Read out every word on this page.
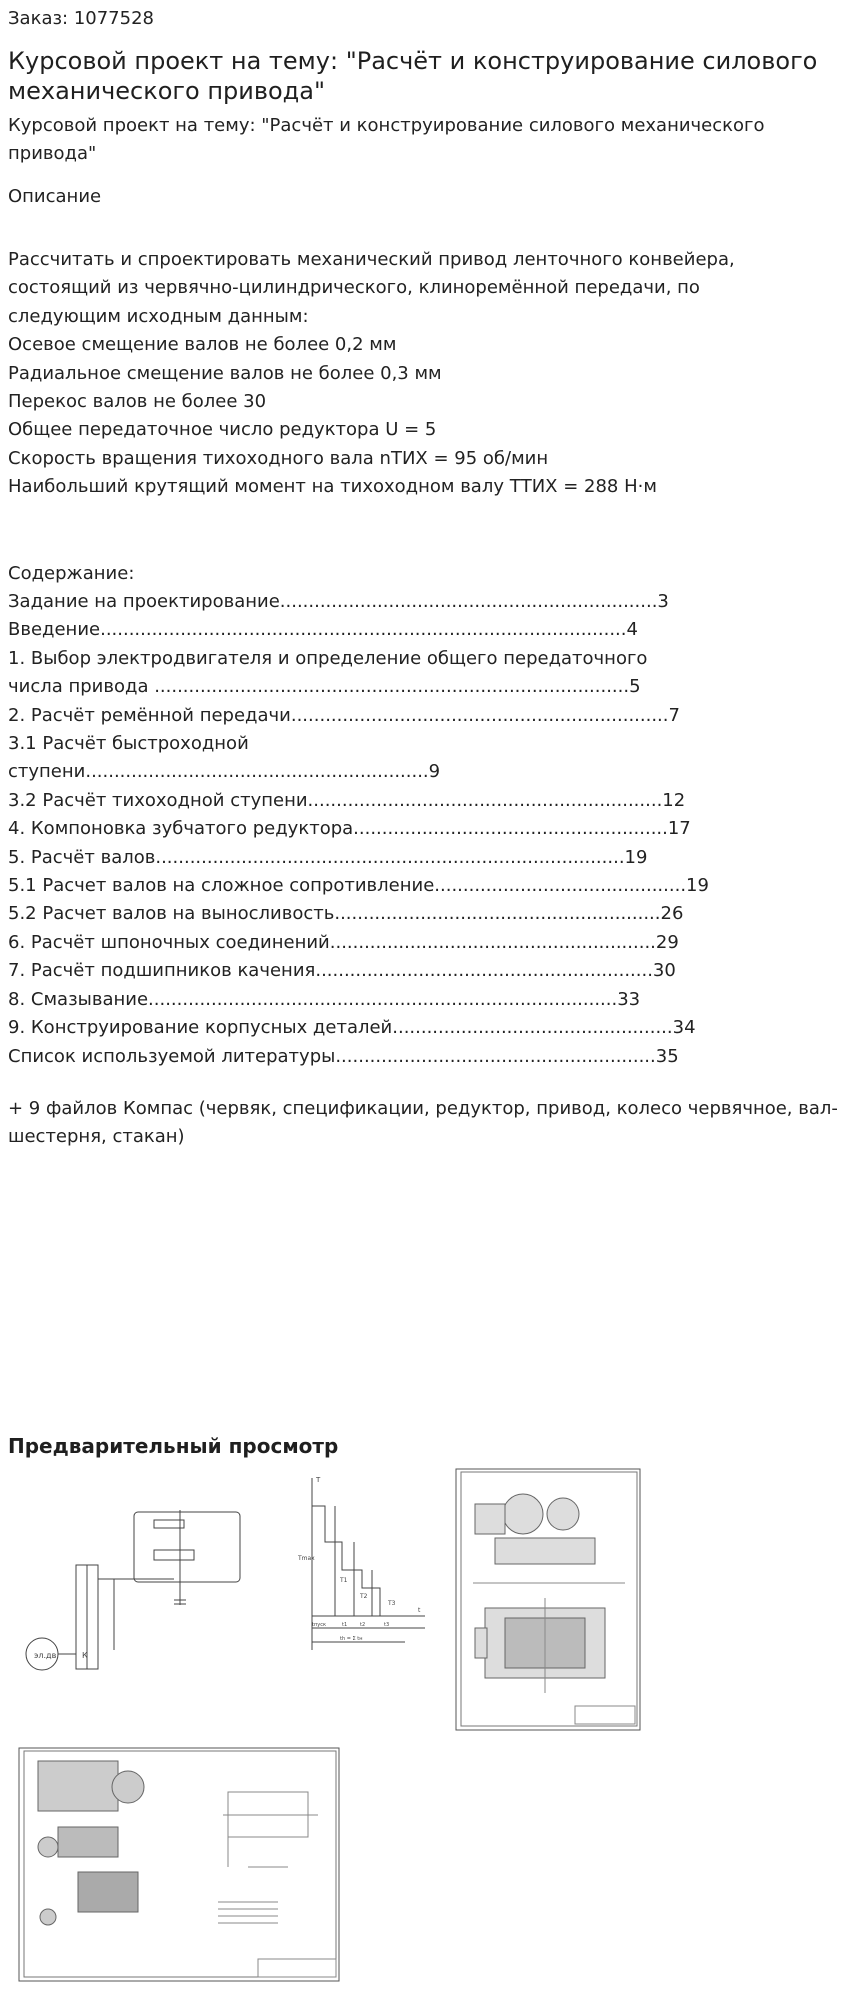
Заказ: 1077528
Курсовой проект на тему: "Расчёт и конструирование силового механического привода"
Курсовой проект на тему: "Расчёт и конструирование силового механического привода"
Описание
Рассчитать и спроектировать механический привод ленточного конвейера,
состоящий из червячно-цилиндрического, клиноремённой передачи, по
следующим исходным данным:
Осевое смещение валов не более 0,2 мм
Радиальное смещение валов не более 0,3 мм
Перекос валов не более 30
Общее передаточное число редуктора U = 5
Скорость вращения тихоходного вала nТИХ = 95 об/мин
Наибольший крутящий момент на тихоходном валу TТИХ = 288 Н·м
Содержание:
Задание на проектирование..................................................................3
Введение............................................................................................4
1. Выбор электродвигателя и определение общего передаточного
числа привода ...................................................................................5
2. Расчёт ремённой передачи..................................................................7
3.1 Расчёт быстроходной
ступени............................................................9
3.2 Расчёт тихоходной ступени..............................................................12
4. Компоновка зубчатого редуктора.......................................................17
5. Расчёт валов..................................................................................19
5.1 Расчет валов на сложное сопротивление............................................19
5.2 Расчет валов на выносливость.........................................................26
6. Расчёт шпоночных соединений.........................................................29
7. Расчёт подшипников качения...........................................................30
8. Смазывание..................................................................................33
9. Конструирование корпусных деталей.................................................34
Список используемой литературы........................................................35
+ 9 файлов Компас (червяк, спецификации, редуктор, привод, колесо червячное, вал-шестерня, стакан)
Предварительный просмотр
эл.дв	К
T
Tmax
T1
T2
T3
tпуск	t1	t2	t3
th = Σ tн
t
